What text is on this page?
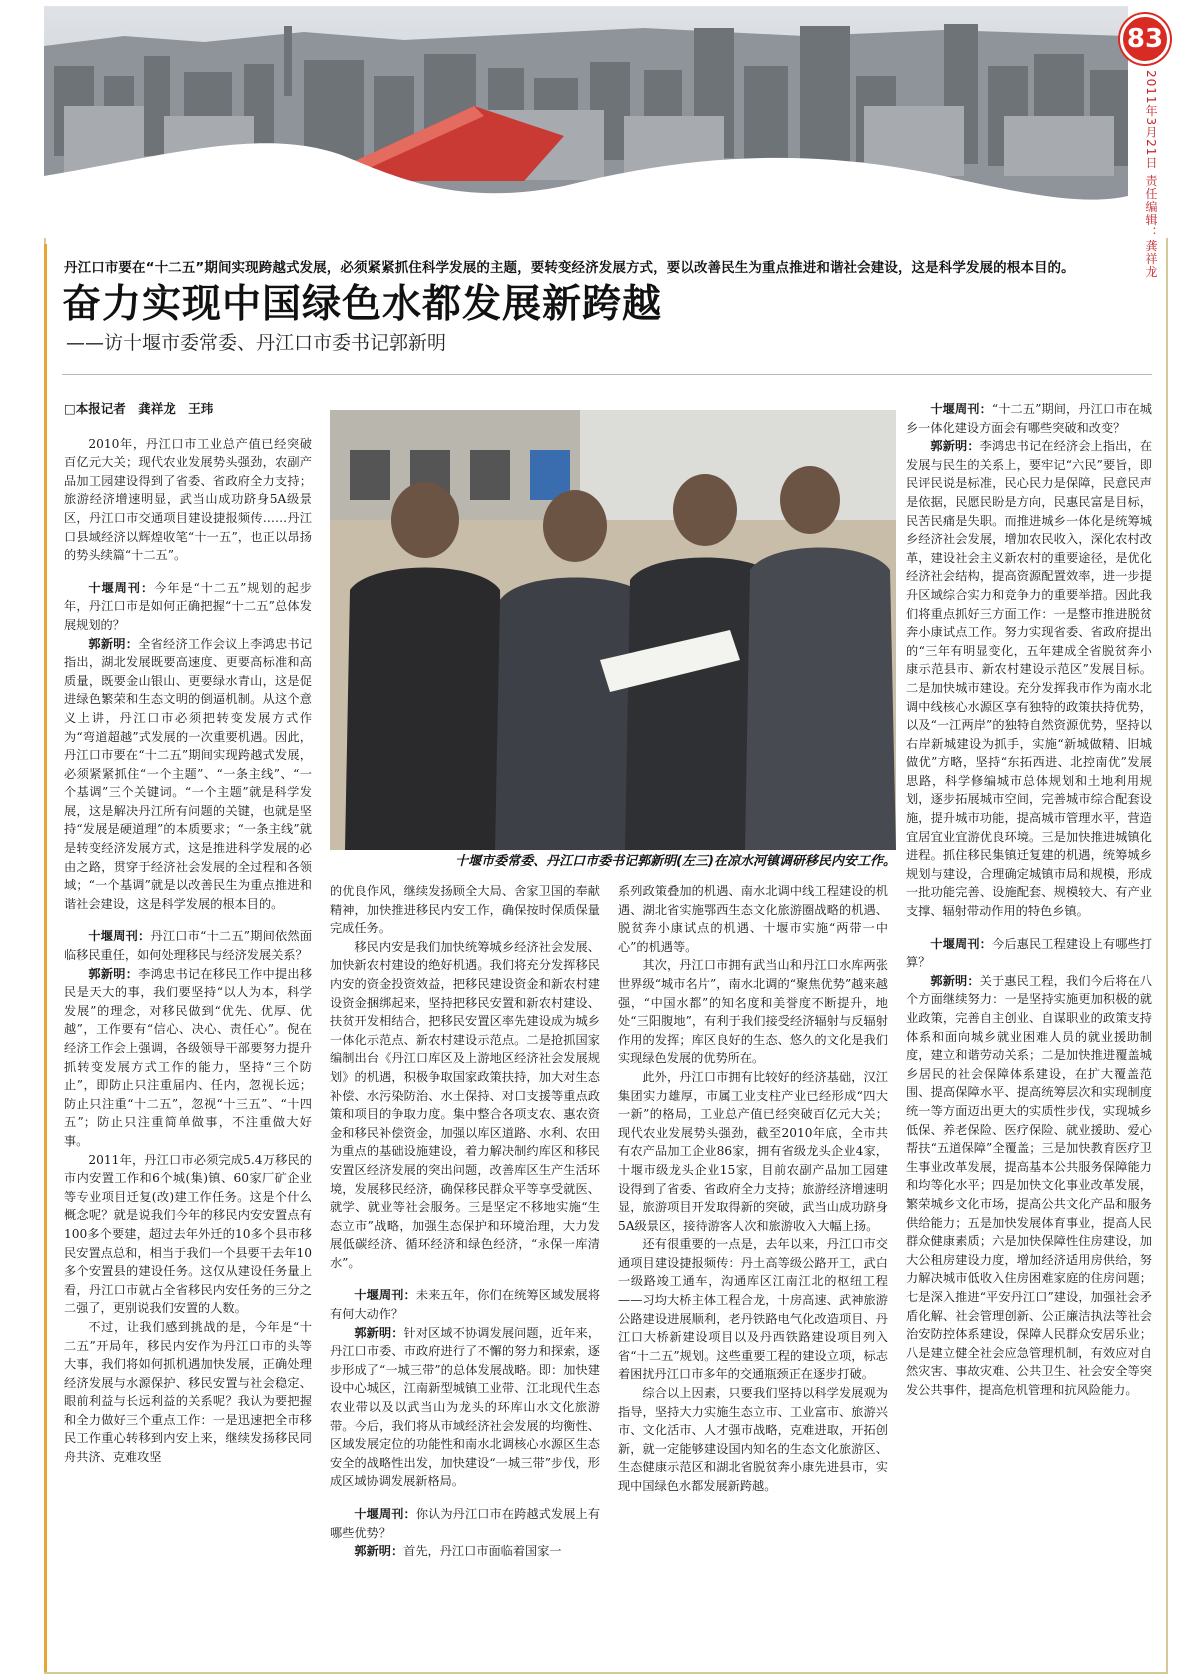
83
2011年3月21日 责任编辑：龚祥龙
丹江口市要在“十二五”期间实现跨越式发展，必须紧紧抓住科学发展的主题，要转变经济发展方式，要以改善民生为重点推进和谐社会建设，这是科学发展的根本目的。
奋力实现中国绿色水都发展新跨越
——访十堰市委常委、丹江口市委书记郭新明

□本报记者　龚祥龙　王玮

2010年，丹江口市工业总产值已经突破百亿元大关；现代农业发展势头强劲，农副产品加工园建设得到了省委、省政府全力支持；旅游经济增速明显，武当山成功跻身5A级景区，丹江口市交通项目建设捷报频传……丹江口县域经济以辉煌收笔“十一五”，也正以昂扬的势头续篇“十二五”。

十堰周刊：今年是“十二五”规划的起步年，丹江口市是如何正确把握“十二五”总体发展规划的？

郭新明：全省经济工作会议上李鸿忠书记指出，湖北发展既要高速度、更要高标准和高质量，既要金山银山、更要绿水青山，这是促进绿色繁荣和生态文明的倒逼机制。从这个意义上讲，丹江口市必须把转变发展方式作为“弯道超越”式发展的一次重要机遇。因此，丹江口市要在“十二五”期间实现跨越式发展，必须紧紧抓住“一个主题”、“一条主线”、“一个基调”三个关键词。“一个主题”就是科学发展，这是解决丹江所有问题的关键，也就是坚持“发展是硬道理”的本质要求；“一条主线”就是转变经济发展方式，这是推进科学发展的必由之路，贯穿于经济社会发展的全过程和各领域；“一个基调”就是以改善民生为重点推进和谐社会建设，这是科学发展的根本目的。

十堰周刊：丹江口市“十二五”期间依然面临移民重任，如何处理移民与经济发展关系？

郭新明：李鸿忠书记在移民工作中提出移民是天大的事，我们要坚持“以人为本，科学发展”的理念，对移民做到“优先、优厚、优越”，工作要有“信心、决心、责任心”。倪在经济工作会上强调，各级领导干部要努力提升抓转变发展方式工作的能力，坚持“三个防止”，即防止只注重届内、任内，忽视长远；防止只注重“十二五”，忽视“十三五”、“十四五”；防止只注重简单做事，不注重做大好事。

2011年，丹江口市必须完成5.4万移民的市内安置工作和6个城(集)镇、60家厂矿企业等专业项目迁复(改)建工作任务。这是个什么概念呢？就是说我们今年的移民内安安置点有100多个要建，超过去年外迁的10多个县市移民安置点总和，相当于我们一个县要干去年10多个安置县的建设任务。这仅从建设任务量上看，丹江口市就占全省移民内安任务的三分之二强了，更别说我们安置的人数。

不过，让我们感到挑战的是，今年是“十二五”开局年，移民内安作为丹江口市的头等大事，我们将如何抓机遇加快发展，正确处理经济发展与水源保护、移民安置与社会稳定、眼前利益与长远利益的关系呢？我认为要把握和全力做好三个重点工作：一是迅速把全市移民工作重心转移到内安上来，继续发扬移民同舟共济、克难攻坚

十堰市委常委、丹江口市委书记郭新明(左三)在凉水河镇调研移民内安工作。

的优良作风，继续发扬顾全大局、舍家卫国的奉献精神，加快推进移民内安工作，确保按时保质保量完成任务。

移民内安是我们加快统筹城乡经济社会发展、加快新农村建设的绝好机遇。我们将充分发挥移民内安的资金投资效益，把移民建设资金和新农村建设资金捆绑起来，坚持把移民安置和新农村建设、扶贫开发相结合，把移民安置区率先建设成为城乡一体化示范点、新农村建设示范点。二是抢抓国家编制出台《丹江口库区及上游地区经济社会发展规划》的机遇，积极争取国家政策扶持，加大对生态补偿、水污染防治、水土保持、对口支援等重点政策和项目的争取力度。集中整合各项支农、惠农资金和移民补偿资金，加强以库区道路、水利、农田为重点的基础设施建设，着力解决制约库区和移民安置区经济发展的突出问题，改善库区生产生活环境，发展移民经济，确保移民群众平等享受就医、就学、就业等社会服务。三是坚定不移地实施“生态立市”战略，加强生态保护和环境治理，大力发展低碳经济、循环经济和绿色经济，“永保一库清水”。

十堰周刊：未来五年，你们在统筹区域发展将有何大动作？

郭新明：针对区域不协调发展问题，近年来，丹江口市委、市政府进行了不懈的努力和探索，逐步形成了“一城三带”的总体发展战略。即：加快建设中心城区，江南新型城镇工业带、江北现代生态农业带以及以武当山为龙头的环库山水文化旅游带。今后，我们将从市域经济社会发展的均衡性、区域发展定位的功能性和南水北调核心水源区生态安全的战略性出发，加快建设“一城三带”步伐，形成区域协调发展新格局。

十堰周刊：你认为丹江口市在跨越式发展上有哪些优势？

郭新明：首先，丹江口市面临着国家一

系列政策叠加的机遇、南水北调中线工程建设的机遇、湖北省实施鄂西生态文化旅游圈战略的机遇、脱贫奔小康试点的机遇、十堰市实施“两带一中心”的机遇等。

其次，丹江口市拥有武当山和丹江口水库两张世界级“城市名片”，南水北调的“聚焦优势”越来越强，“中国水都”的知名度和美誉度不断提升，地处“三阳腹地”，有利于我们接受经济辐射与反辐射作用的发挥；库区良好的生态、悠久的文化是我们实现绿色发展的优势所在。

此外，丹江口市拥有比较好的经济基础，汉江集团实力雄厚，市属工业支柱产业已经形成“四大一新”的格局，工业总产值已经突破百亿元大关；现代农业发展势头强劲，截至2010年底，全市共有农产品加工企业86家，拥有省级龙头企业4家，十堰市级龙头企业15家，目前农副产品加工园建设得到了省委、省政府全力支持；旅游经济增速明显，旅游项目开发取得新的突破，武当山成功跻身5A级景区，接待游客人次和旅游收入大幅上扬。

还有很重要的一点是，去年以来，丹江口市交通项目建设捷报频传：丹土高等级公路开工，武白一级路竣工通车，沟通库区江南江北的枢纽工程——习均大桥主体工程合龙，十房高速、武神旅游公路建设进展顺利，老丹铁路电气化改造项目、丹江口大桥新建设项目以及丹西铁路建设项目列入省“十二五”规划。这些重要工程的建设立项，标志着困扰丹江口市多年的交通瓶颈正在逐步打破。

综合以上因素，只要我们坚持以科学发展观为指导，坚持大力实施生态立市、工业富市、旅游兴市、文化活市、人才强市战略，克难进取，开拓创新，就一定能够建设国内知名的生态文化旅游区、生态健康示范区和湖北省脱贫奔小康先进县市，实现中国绿色水都发展新跨越。

十堰周刊：“十二五”期间，丹江口市在城乡一体化建设方面会有哪些突破和改变？

郭新明：李鸿忠书记在经济会上指出，在发展与民生的关系上，要牢记“六民”要旨，即民评民说是标准，民心民力是保障，民意民声是依据，民愿民盼是方向，民惠民富是目标，民苦民痛是失职。而推进城乡一体化是统筹城乡经济社会发展，增加农民收入，深化农村改革，建设社会主义新农村的重要途径，是优化经济社会结构，提高资源配置效率，进一步提升区域综合实力和竞争力的重要举措。因此我们将重点抓好三方面工作：一是整市推进脱贫奔小康试点工作。努力实现省委、省政府提出的“三年有明显变化，五年建成全省脱贫奔小康示范县市、新农村建设示范区”发展目标。二是加快城市建设。充分发挥我市作为南水北调中线核心水源区享有独特的政策扶持优势，以及“一江两岸”的独特自然资源优势，坚持以右岸新城建设为抓手，实施“新城做精、旧城做优”方略，坚持“东拓西进、北控南优”发展思路，科学修编城市总体规划和土地利用规划，逐步拓展城市空间，完善城市综合配套设施，提升城市功能，提高城市管理水平，营造宜居宜业宜游优良环境。三是加快推进城镇化进程。抓住移民集镇迁复建的机遇，统筹城乡规划与建设，合理确定城镇市局和规模，形成一批功能完善、设施配套、规模较大、有产业支撑、辐射带动作用的特色乡镇。

十堰周刊：今后惠民工程建设上有哪些打算？

郭新明：关于惠民工程，我们今后将在八个方面继续努力：一是坚持实施更加积极的就业政策，完善自主创业、自谋职业的政策支持体系和面向城乡就业困难人员的就业援助制度，建立和谐劳动关系；二是加快推进覆盖城乡居民的社会保障体系建设，在扩大覆盖范围、提高保障水平、提高统筹层次和实现制度统一等方面迈出更大的实质性步伐，实现城乡低保、养老保险、医疗保险、就业援助、爱心帮扶“五道保障”全覆盖；三是加快教育医疗卫生事业改革发展，提高基本公共服务保障能力和均等化水平；四是加快文化事业改革发展，繁荣城乡文化市场，提高公共文化产品和服务供给能力；五是加快发展体育事业，提高人民群众健康素质；六是加快保障性住房建设，加大公租房建设力度，增加经济适用房供给，努力解决城市低收入住房困难家庭的住房问题；七是深入推进“平安丹江口”建设，加强社会矛盾化解、社会管理创新、公正廉洁执法等社会治安防控体系建设，保障人民群众安居乐业；八是建立健全社会应急管理机制，有效应对自然灾害、事故灾难、公共卫生、社会安全等突发公共事件，提高危机管理和抗风险能力。
